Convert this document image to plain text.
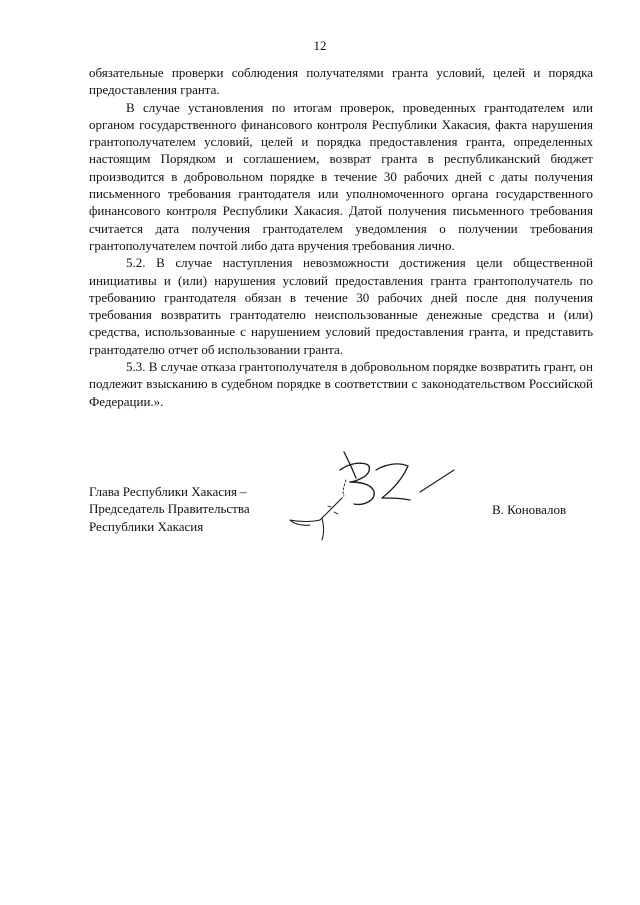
12

обязательные проверки соблюдения получателями гранта условий, целей и порядка предоставления гранта.

В случае установления по итогам проверок, проведенных грантодателем или органом государственного финансового контроля Республики Хакасия, факта нарушения грантополучателем условий, целей и порядка предоставления гранта, определенных настоящим Порядком и соглашением, возврат гранта в республиканский бюджет производится в добровольном порядке в течение 30 рабочих дней с даты получения письменного требования грантодателя или уполномоченного органа государственного финансового контроля Республики Хакасия. Датой получения письменного требования считается дата получения грантодателем уведомления о получении требования грантополучателем почтой либо дата вручения требования лично.

5.2. В случае наступления невозможности достижения цели общественной инициативы и (или) нарушения условий предоставления гранта грантополучатель по требованию грантодателя обязан в течение 30 рабочих дней после дня получения требования возвратить грантодателю неиспользованные денежные средства и (или) средства, использованные с нарушением условий предоставления гранта, и представить грантодателю отчет об использовании гранта.

5.3. В случае отказа грантополучателя в добровольном порядке возвратить грант, он подлежит взысканию в судебном порядке в соответствии с законодательством Российской Федерации.».

Глава Республики Хакасия –
Председатель Правительства
Республики Хакасия
В. Коновалов
